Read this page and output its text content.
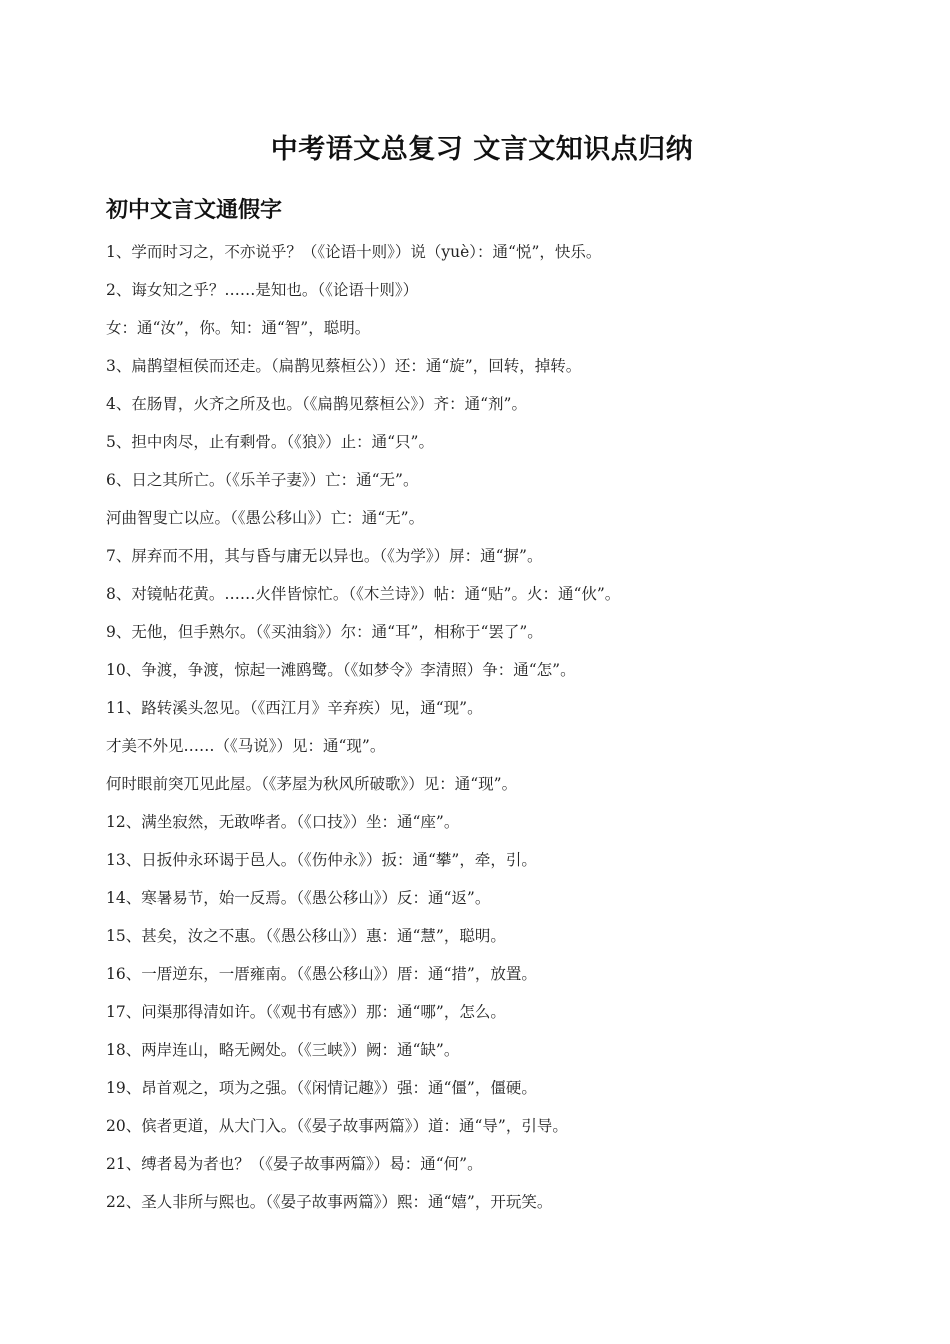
中考语文总复习 文言文知识点归纳
初中文言文通假字
1、学而时习之，不亦说乎？（《论语十则》）说（yuè）：通“悦”，快乐。
2、诲女知之乎？……是知也。（《论语十则》）
女：通“汝”，你。知：通“智”，聪明。
3、扁鹊望桓侯而还走。（扁鹊见蔡桓公））还：通“旋”，回转，掉转。
4、在肠胃，火齐之所及也。（《扁鹊见蔡桓公》）齐：通“剂”。
5、担中肉尽，止有剩骨。（《狼》）止：通“只”。
6、日之其所亡。（《乐羊子妻》）亡：通“无”。
河曲智叟亡以应。（《愚公移山》）亡：通“无”。
7、屏弃而不用，其与昏与庸无以异也。（《为学》）屏：通“摒”。
8、对镜帖花黄。……火伴皆惊忙。（《木兰诗》）帖：通“贴”。火：通“伙”。
9、无他，但手熟尔。（《买油翁》）尔：通“耳”，相称于“罢了”。
10、争渡，争渡，惊起一滩鸥鹭。（《如梦令》李清照）争：通“怎”。
11、路转溪头忽见。（《西江月》辛弃疾）见，通“现”。
才美不外见……（《马说》）见：通“现”。
何时眼前突兀见此屋。（《茅屋为秋风所破歌》）见：通“现”。
12、满坐寂然，无敢哗者。（《口技》）坐：通“座”。
13、日扳仲永环谒于邑人。（《伤仲永》）扳：通“攀”，牵，引。
14、寒暑易节，始一反焉。（《愚公移山》）反：通“返”。
15、甚矣，汝之不惠。（《愚公移山》）惠：通“慧”，聪明。
16、一厝逆东，一厝雍南。（《愚公移山》）厝：通“措”，放置。
17、问渠那得清如许。（《观书有感》）那：通“哪”，怎么。
18、两岸连山，略无阙处。（《三峡》）阙：通“缺”。
19、昂首观之，项为之强。（《闲情记趣》）强：通“僵”，僵硬。
20、傧者更道，从大门入。（《晏子故事两篇》）道：通“导”，引导。
21、缚者曷为者也？（《晏子故事两篇》）曷：通“何”。
22、圣人非所与熙也。（《晏子故事两篇》）熙：通“嬉”，开玩笑。
